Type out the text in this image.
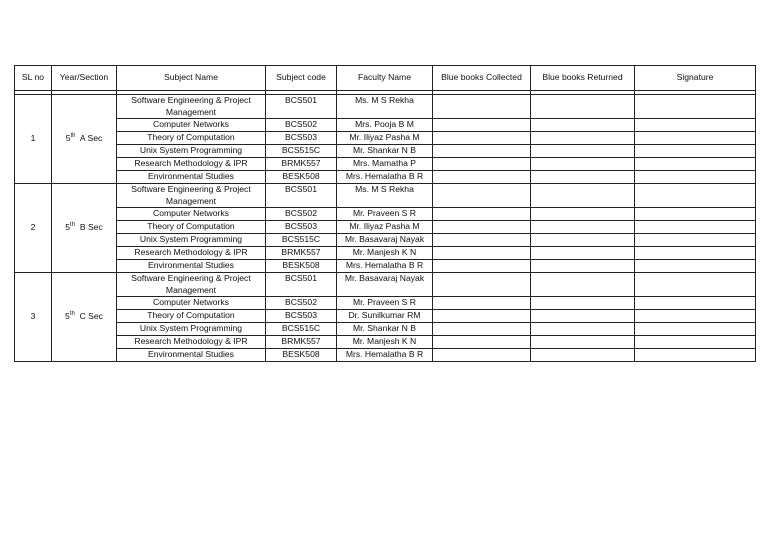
SL no	Year/Section	Subject Name	Subject code	Faculty Name	Blue books Collected	Blue books Returned	Signature

1	5th  A Sec	Software Engineering & Project Management	BCS501	Ms. M S Rekha			
		Computer Networks	BCS502	Mrs. Pooja B M			
		Theory of Computation	BCS503	Mr. Iliyaz Pasha M			
		Unix System Programming	BCS515C	Mr. Shankar N B			
		Research Methodology & IPR	BRMK557	Mrs. Mamatha P			
		Environmental Studies	BESK508	Mrs. Hemalatha B R			
2	5th  B Sec	Software Engineering & Project Management	BCS501	Ms. M S Rekha			
		Computer Networks	BCS502	Mr. Praveen S R			
		Theory of Computation	BCS503	Mr. Iliyaz Pasha M			
		Unix System Programming	BCS515C	Mr. Basavaraj Nayak			
		Research Methodology & IPR	BRMK557	Mr. Manjesh K N			
		Environmental Studies	BESK508	Mrs. Hemalatha B R			
3	5th  C Sec	Software Engineering & Project Management	BCS501	Mr. Basavaraj Nayak			
		Computer Networks	BCS502	Mr. Praveen S R			
		Theory of Computation	BCS503	Dr. Sunilkumar RM			
		Unix System Programming	BCS515C	Mr. Shankar N B			
		Research Methodology & IPR	BRMK557	Mr. Manjesh K N			
		Environmental Studies	BESK508	Mrs. Hemalatha B R			
